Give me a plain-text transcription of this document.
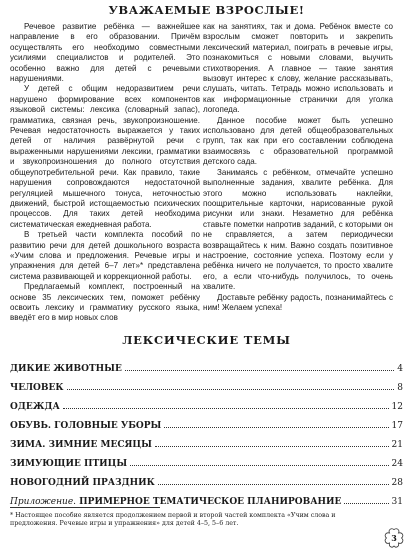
УВАЖАЕМЫЕ ВЗРОСЛЫЕ!

Речевое развитие ребёнка — важнейшее направление в его образовании. Причём осуществлять его необходимо совместными усилиями специалистов и родителей. Это особенно важно для детей с речевыми нарушениями.

У детей с общим недоразвитием речи нарушено формирование всех компонентов языковой системы: лексика (словарный запас), грамматика, связная речь, звукопроизношение. Речевая недостаточность выражается у таких детей от наличия развёрнутой речи с выраженными нарушениями лексики, грамматики и звукопроизношения до полного отсутствия общеупотребительной речи. Как правило, такие нарушения сопровождаются недостаточной регуляцией мышечного тонуса, неточностью движений, быстрой истощаемостью психических процессов. Для таких детей необходима систематическая ежедневная работа.

В третьей части комплекта пособий по развитию речи для детей дошкольного возраста «Учим слова и предложения. Речевые игры и упражнения для детей 6–7 лет»* представлена система развивающей и коррекционной работы.

Предлагаемый комплект, построенный на основе 35 лексических тем, поможет ребёнку освоить лексику и грамматику русского языка, введёт его в мир новых слов

как на занятиях, так и дома. Ребёнок вместе со взрослым сможет повторить и закрепить лексический материал, поиграть в речевые игры, познакомиться с новыми словами, выучить стихотворения. А главное — такие занятия вызовут интерес к слову, желание рассказывать, слушать, читать. Тетрадь можно использовать и как информационные странички для уголка логопеда.

Данное пособие может быть успешно использовано для детей общеобразовательных групп, так как при его составлении соблюдена взаимосвязь с образовательной программой детского сада.

Занимаясь с ребёнком, отмечайте успешно выполненные задания, хвалите ребёнка. Для этого можно использовать наклейки, поощрительные карточки, нарисованные рукой рисунки или знаки. Незаметно для ребёнка ставьте пометки напротив заданий, с которыми он не справляется, а затем периодически возвращайтесь к ним. Важно создать позитивное настроение, состояние успеха. Поэтому если у ребёнка ничего не получается, то просто хвалите его, а если что-нибудь получилось, то очень хвалите.

Доставьте ребёнку радость, познанимайтесь с ним! Желаем успеха!

ЛЕКСИЧЕСКИЕ ТЕМЫ
ДИКИЕ ЖИВОТНЫЕ	4
ЧЕЛОВЕК	8
ОДЕЖДА	12
ОБУВЬ. ГОЛОВНЫЕ УБОРЫ	17
ЗИМА. ЗИМНИЕ МЕСЯЦЫ	21
ЗИМУЮЩИЕ ПТИЦЫ	24
НОВОГОДНИЙ ПРАЗДНИК	28
Приложение. ПРИМЕРНОЕ ТЕМАТИЧЕСКОЕ ПЛАНИРОВАНИЕ	31
* Настоящее пособие является продолжением первой и второй частей комплекта «Учим слова и предложения. Речевые игры и упражнения» для детей 4–5, 5–6 лет.
3
